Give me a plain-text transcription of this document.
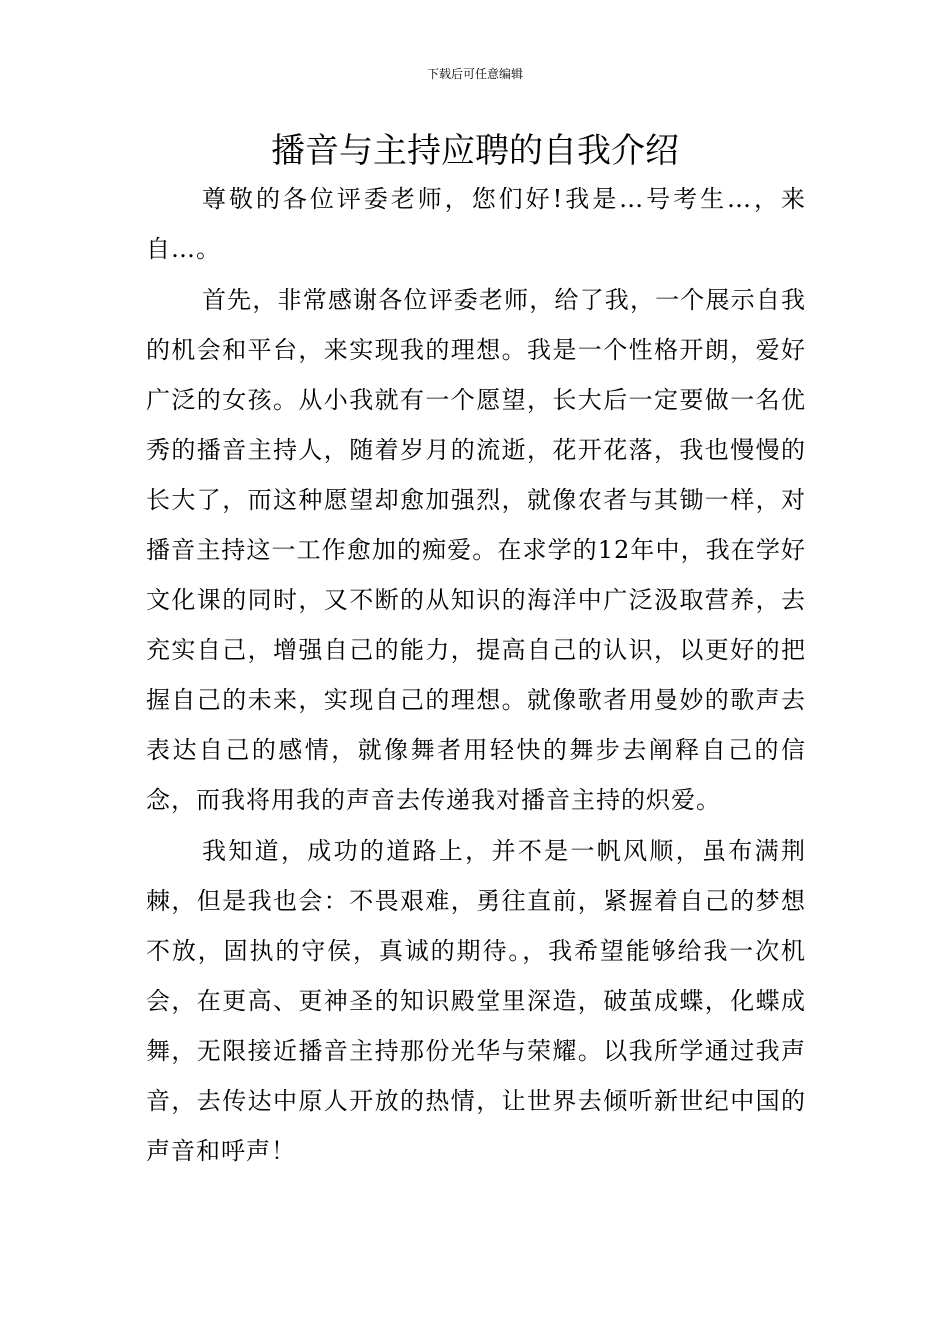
下载后可任意编辑
播音与主持应聘的自我介绍

尊敬的各位评委老师，您们好!我是…号考生…，来自…。

首先，非常感谢各位评委老师，给了我，一个展示自我的机会和平台，来实现我的理想。我是一个性格开朗，爱好广泛的女孩。从小我就有一个愿望，长大后一定要做一名优秀的播音主持人，随着岁月的流逝，花开花落，我也慢慢的长大了，而这种愿望却愈加强烈，就像农者与其锄一样，对播音主持这一工作愈加的痴爱。在求学的12年中，我在学好文化课的同时，又不断的从知识的海洋中广泛汲取营养，去充实自己，增强自己的能力，提高自己的认识，以更好的把握自己的未来，实现自己的理想。就像歌者用曼妙的歌声去表达自己的感情，就像舞者用轻快的舞步去阐释自己的信念，而我将用我的声音去传递我对播音主持的炽爱。

我知道，成功的道路上，并不是一帆风顺，虽布满荆棘，但是我也会：不畏艰难，勇往直前，紧握着自己的梦想不放，固执的守侯，真诚的期待。，我希望能够给我一次机会，在更高、更神圣的知识殿堂里深造，破茧成蝶，化蝶成舞，无限接近播音主持那份光华与荣耀。以我所学通过我声音，去传达中原人开放的热情，让世界去倾听新世纪中国的声音和呼声！
